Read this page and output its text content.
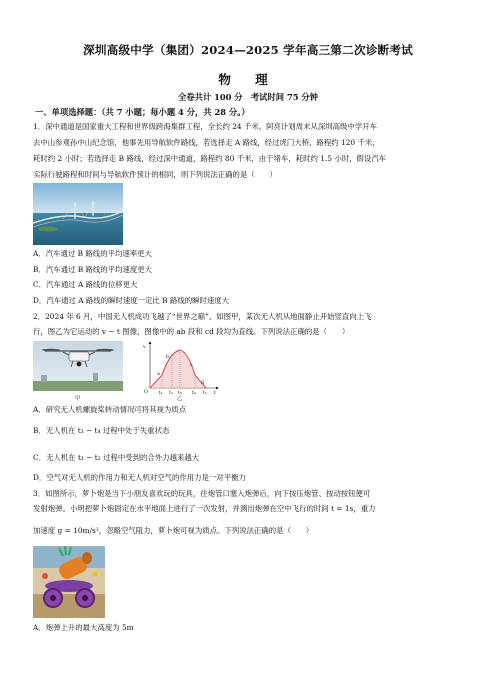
深圳高级中学（集团）2024—2025 学年高三第二次诊断考试
物 理
全卷共计 100 分　考试时间 75 分钟
一、单项选择题：（共 7 小题；每小题 4 分，共 28 分。）
1．深中通道是国家重大工程和世界级跨海集群工程，全长约 24 千米。阿亮计划周末从深圳高级中学开车
去中山参观孙中山纪念馆，他事先用导航软件路线，若选择走 A 路线，经过虎门大桥，路程约 120 千米，
耗时约 2 小时；若选择走 B 路线，经过深中通道，路程约 80 千米，由于堵车，耗时约 1.5 小时，假设汽车
实际行驶路程和时间与导航软件预计的相同，则下列说法正确的是（　　）
A．汽车通过 B 路线的平均速率更大
B．汽车通过 B 路线的平均速度更大
C．汽车通过 A 路线的位移更大
D．汽车通过 A 路线的瞬时速度一定比 B 路线的瞬时速度大
2．2024 年 6 月，中国无人机成功飞越了“世界之巅”。如图甲，某次无人机从地面静止开始竖直向上飞
行，图乙为它运动的 v − t 图像，图像中的 ab 段和 cd 段均为直线。下列说法正确的是（　　）
甲
v
O	t
a
b
c
d
t₁ t₂ t₃ t₄ t₅
乙
A．研究无人机螺旋桨转动情况可将其视为质点
B．无人机在 t₃ − t₄ 过程中处于失重状态
C．无人机在 t₁ − t₂ 过程中受到的合外力越来越大
D．空气对无人机的作用力和无人机对空气的作用力是一对平衡力
3．如图所示，萝卜炮是当下小朋友喜欢玩的玩具，往炮管口塞入炮弹后，向下按压炮管、按动按钮便可
发射炮弹。小明把萝卜炮固定在水平地面上进行了一次发射，并测出炮弹在空中飞行的时间 t = 1s，重力
加速度 g = 10m/s²，忽略空气阻力，萝卜炮可视为质点。下列说法正确的是（　　）
A．炮弹上升的最大高度为 5m
